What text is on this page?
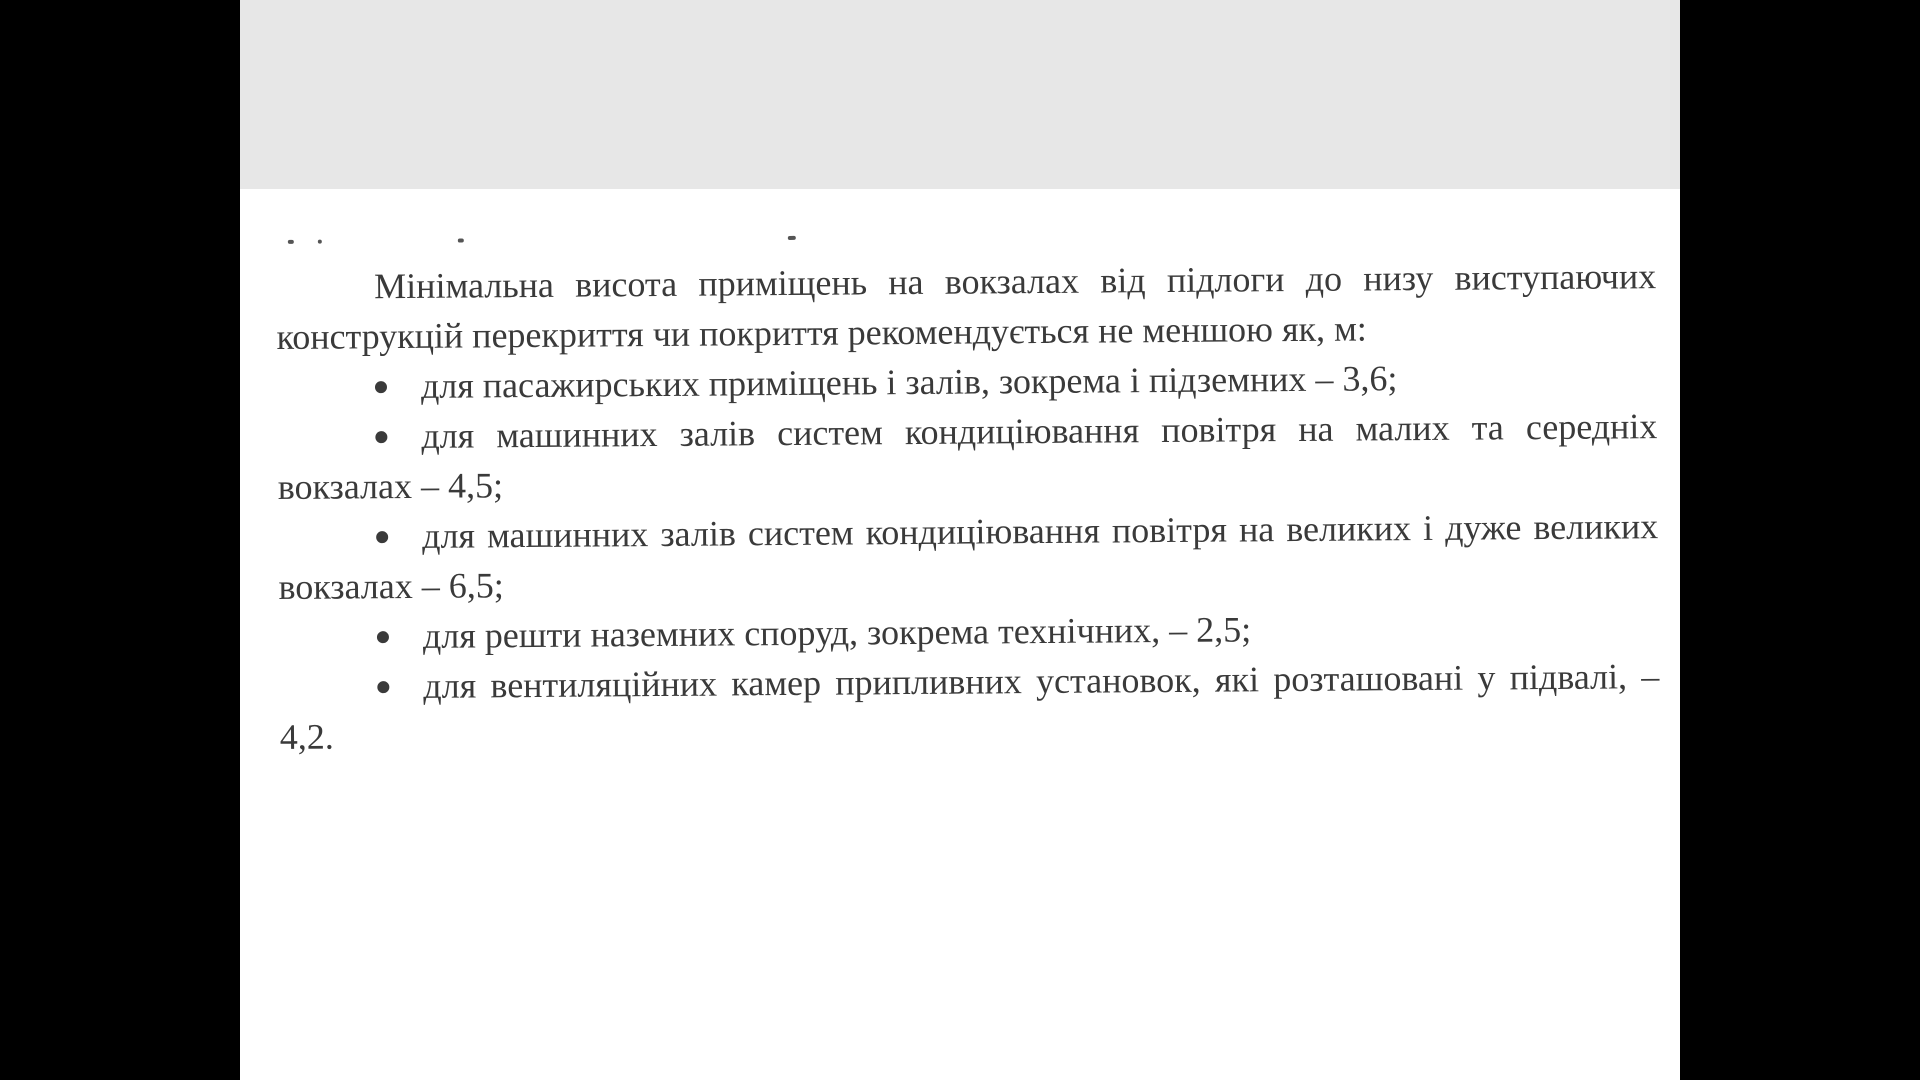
Мінімальна висота приміщень на вокзалах від підлоги до низу виступаючих конструкцій перекриття чи покриття рекомендується не меншою як, м:

для пасажирських приміщень і залів, зокрема і підземних – 3,6;

для машинних залів систем кондиціювання повітря на малих та середніх вокзалах – 4,5;

для машинних залів систем кондиціювання повітря на великих і дуже великих вокзалах – 6,5;

для решти наземних споруд, зокрема технічних, – 2,5;

для вентиляційних камер припливних установок, які розташовані у підвалі, – 4,2.
